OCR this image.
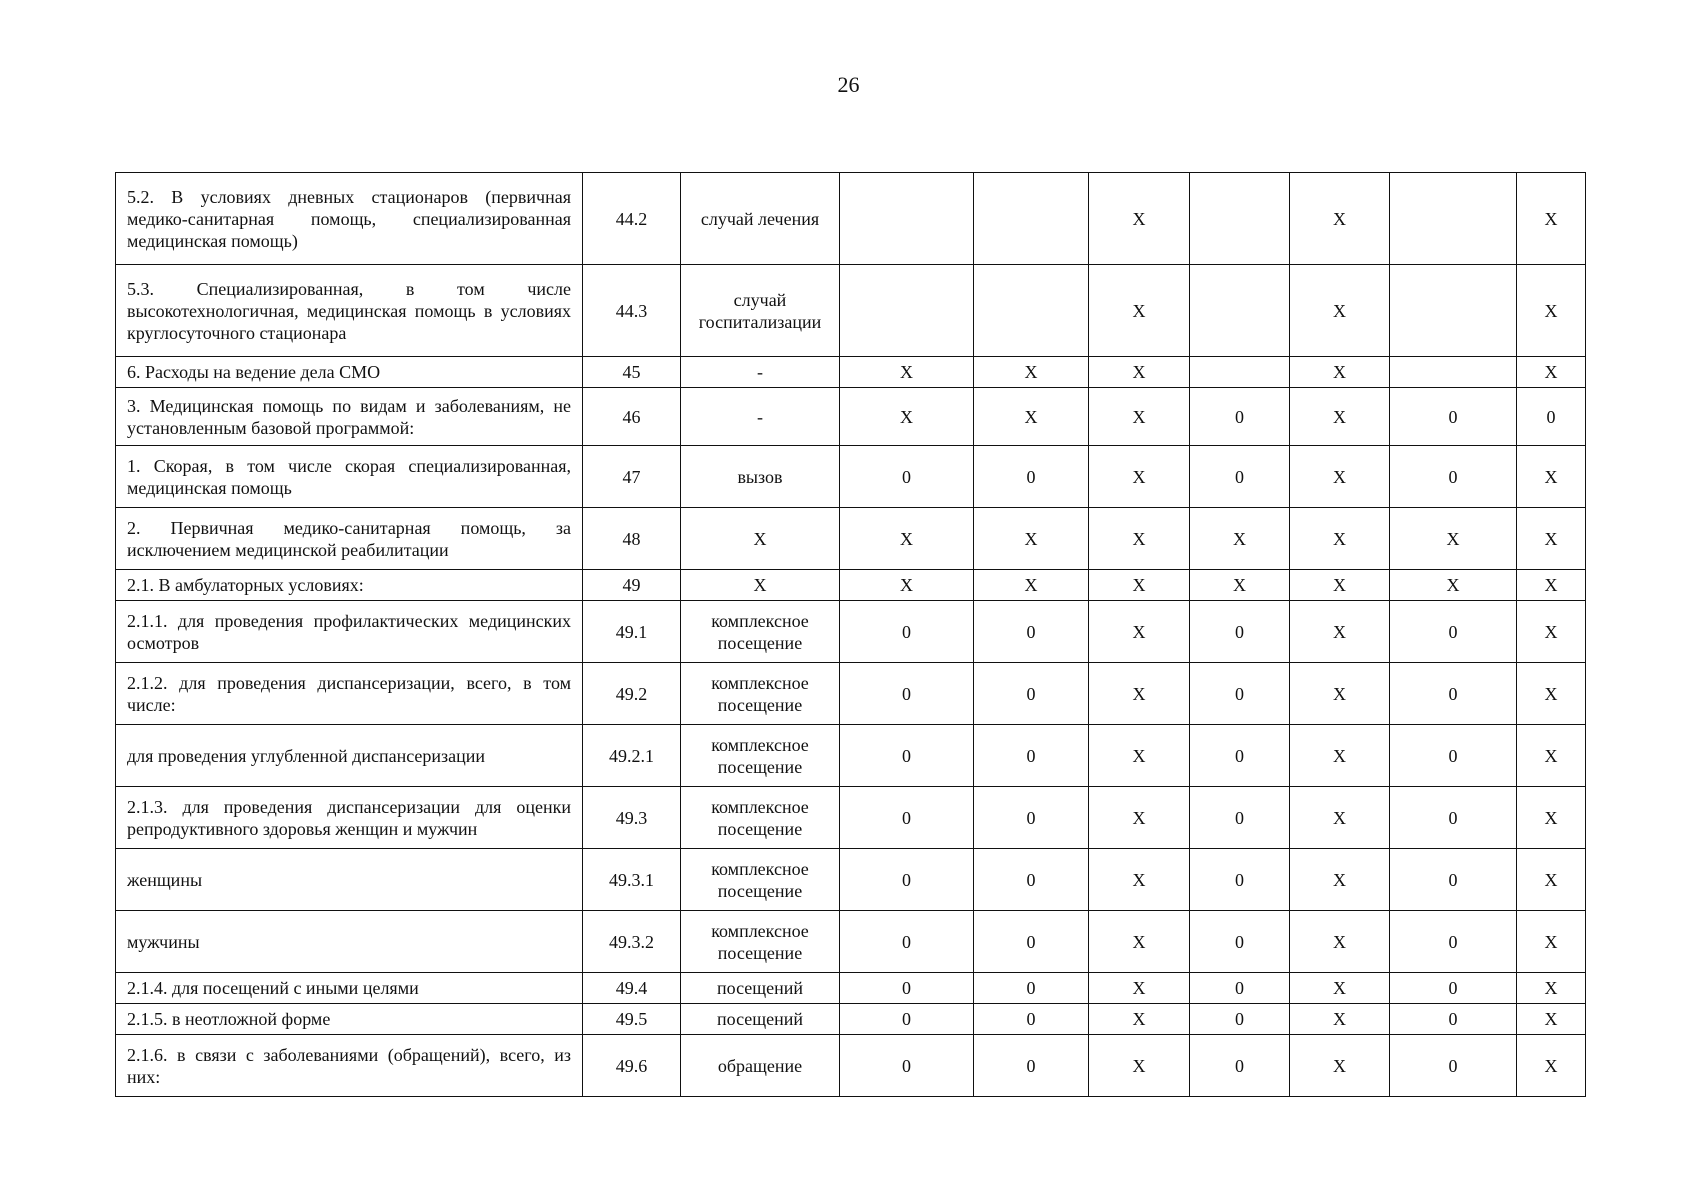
26
5.2. В условиях дневных стационаров (первичная медико-санитарная помощь, специализированная медицинская помощь)	44.2	случай лечения			Х		Х		Х
5.3. Специализированная, в том числе высокотехнологичная, медицинская помощь в условиях круглосуточного стационара	44.3	случай госпитализации			Х		Х		Х
6. Расходы на ведение дела СМО	45	-	Х	Х	Х		Х		Х
3. Медицинская помощь по видам и заболеваниям, не установленным базовой программой:	46	-	Х	Х	Х	0	Х	0	0
1. Скорая, в том числе скорая специализированная, медицинская помощь	47	вызов	0	0	Х	0	Х	0	Х
2. Первичная медико-санитарная помощь, за исключением медицинской реабилитации	48	Х	Х	Х	Х	Х	Х	Х	Х
2.1. В амбулаторных условиях:	49	Х	Х	Х	Х	Х	Х	Х	Х
2.1.1. для проведения профилактических медицинских осмотров	49.1	комплексное посещение	0	0	Х	0	Х	0	Х
2.1.2. для проведения диспансеризации, всего, в том числе:	49.2	комплексное посещение	0	0	Х	0	Х	0	Х
для проведения углубленной диспансеризации	49.2.1	комплексное посещение	0	0	Х	0	Х	0	Х
2.1.3. для проведения диспансеризации для оценки репродуктивного здоровья женщин и мужчин	49.3	комплексное посещение	0	0	Х	0	Х	0	Х
женщины	49.3.1	комплексное посещение	0	0	Х	0	Х	0	Х
мужчины	49.3.2	комплексное посещение	0	0	Х	0	Х	0	Х
2.1.4. для посещений с иными целями	49.4	посещений	0	0	Х	0	Х	0	Х
2.1.5. в неотложной форме	49.5	посещений	0	0	Х	0	Х	0	Х
2.1.6. в связи с заболеваниями (обращений), всего, из них:	49.6	обращение	0	0	Х	0	Х	0	Х
